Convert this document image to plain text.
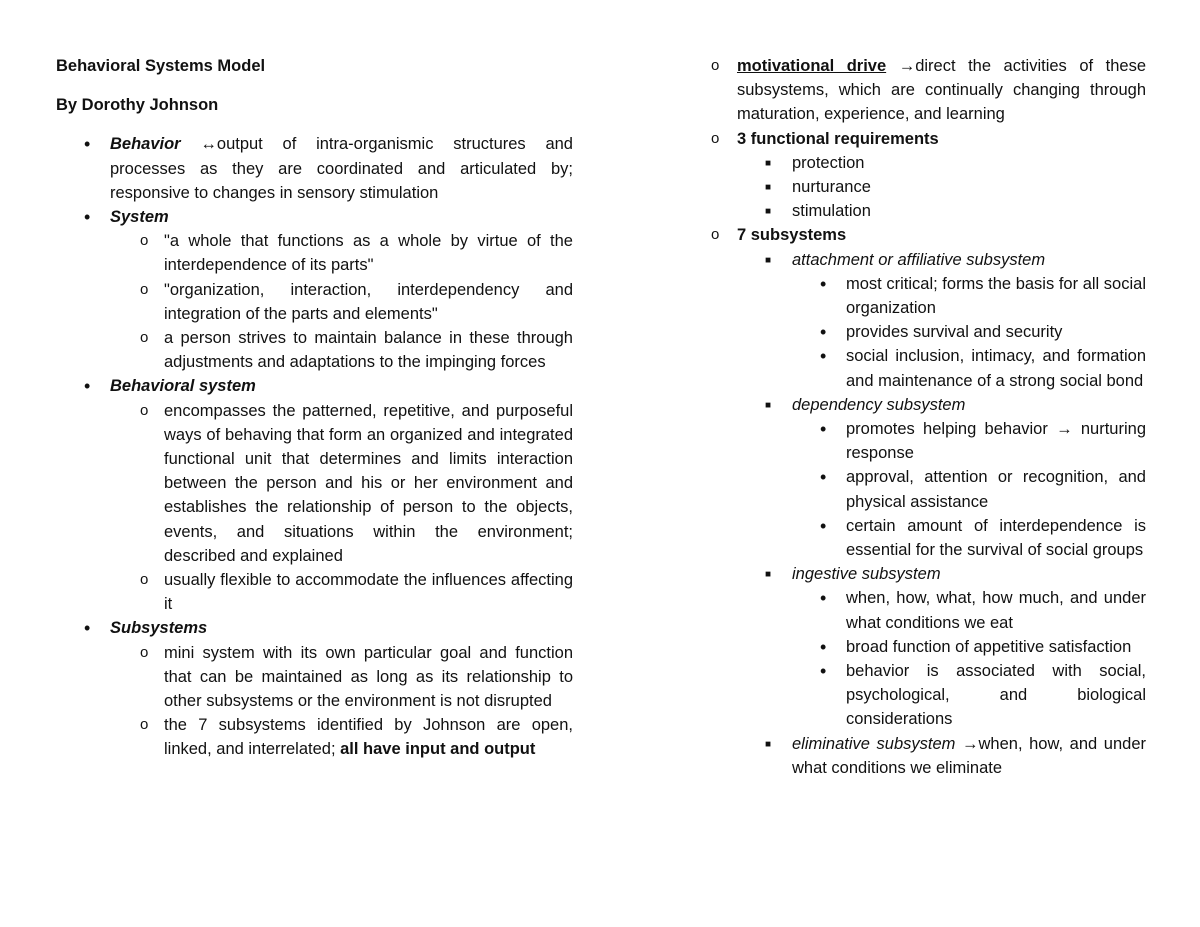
Behavioral Systems Model

By Dorothy Johnson

• Behavior ↔output of intra-organismic structures and processes as they are coordinated and articulated by; responsive to changes in sensory stimulation
• System
o "a whole that functions as a whole by virtue of the interdependence of its parts"
o "organization, interaction, interdependency and integration of the parts and elements"
o a person strives to maintain balance in these through adjustments and adaptations to the impinging forces
• Behavioral system
o encompasses the patterned, repetitive, and purposeful ways of behaving that form an organized and integrated functional unit that determines and limits interaction between the person and his or her environment and establishes the relationship of person to the objects, events, and situations within the environment; described and explained
o usually flexible to accommodate the influences affecting it
• Subsystems
o mini system with its own particular goal and function that can be maintained as long as its relationship to other subsystems or the environment is not disrupted
o the 7 subsystems identified by Johnson are open, linked, and interrelated; all have input and output
o motivational drive →direct the activities of these subsystems, which are continually changing through maturation, experience, and learning
o 3 functional requirements
■ protection
■ nurturance
■ stimulation
o 7 subsystems
■ attachment or affiliative subsystem
• most critical; forms the basis for all social organization
• provides survival and security
• social inclusion, intimacy, and formation and maintenance of a strong social bond
■ dependency subsystem
• promotes helping behavior → nurturing response
• approval, attention or recognition, and physical assistance
• certain amount of interdependence is essential for the survival of social groups
■ ingestive subsystem
• when, how, what, how much, and under what conditions we eat
• broad function of appetitive satisfaction
• behavior is associated with social, psychological, and biological considerations
■ eliminative subsystem →when, how, and under what conditions we eliminate
